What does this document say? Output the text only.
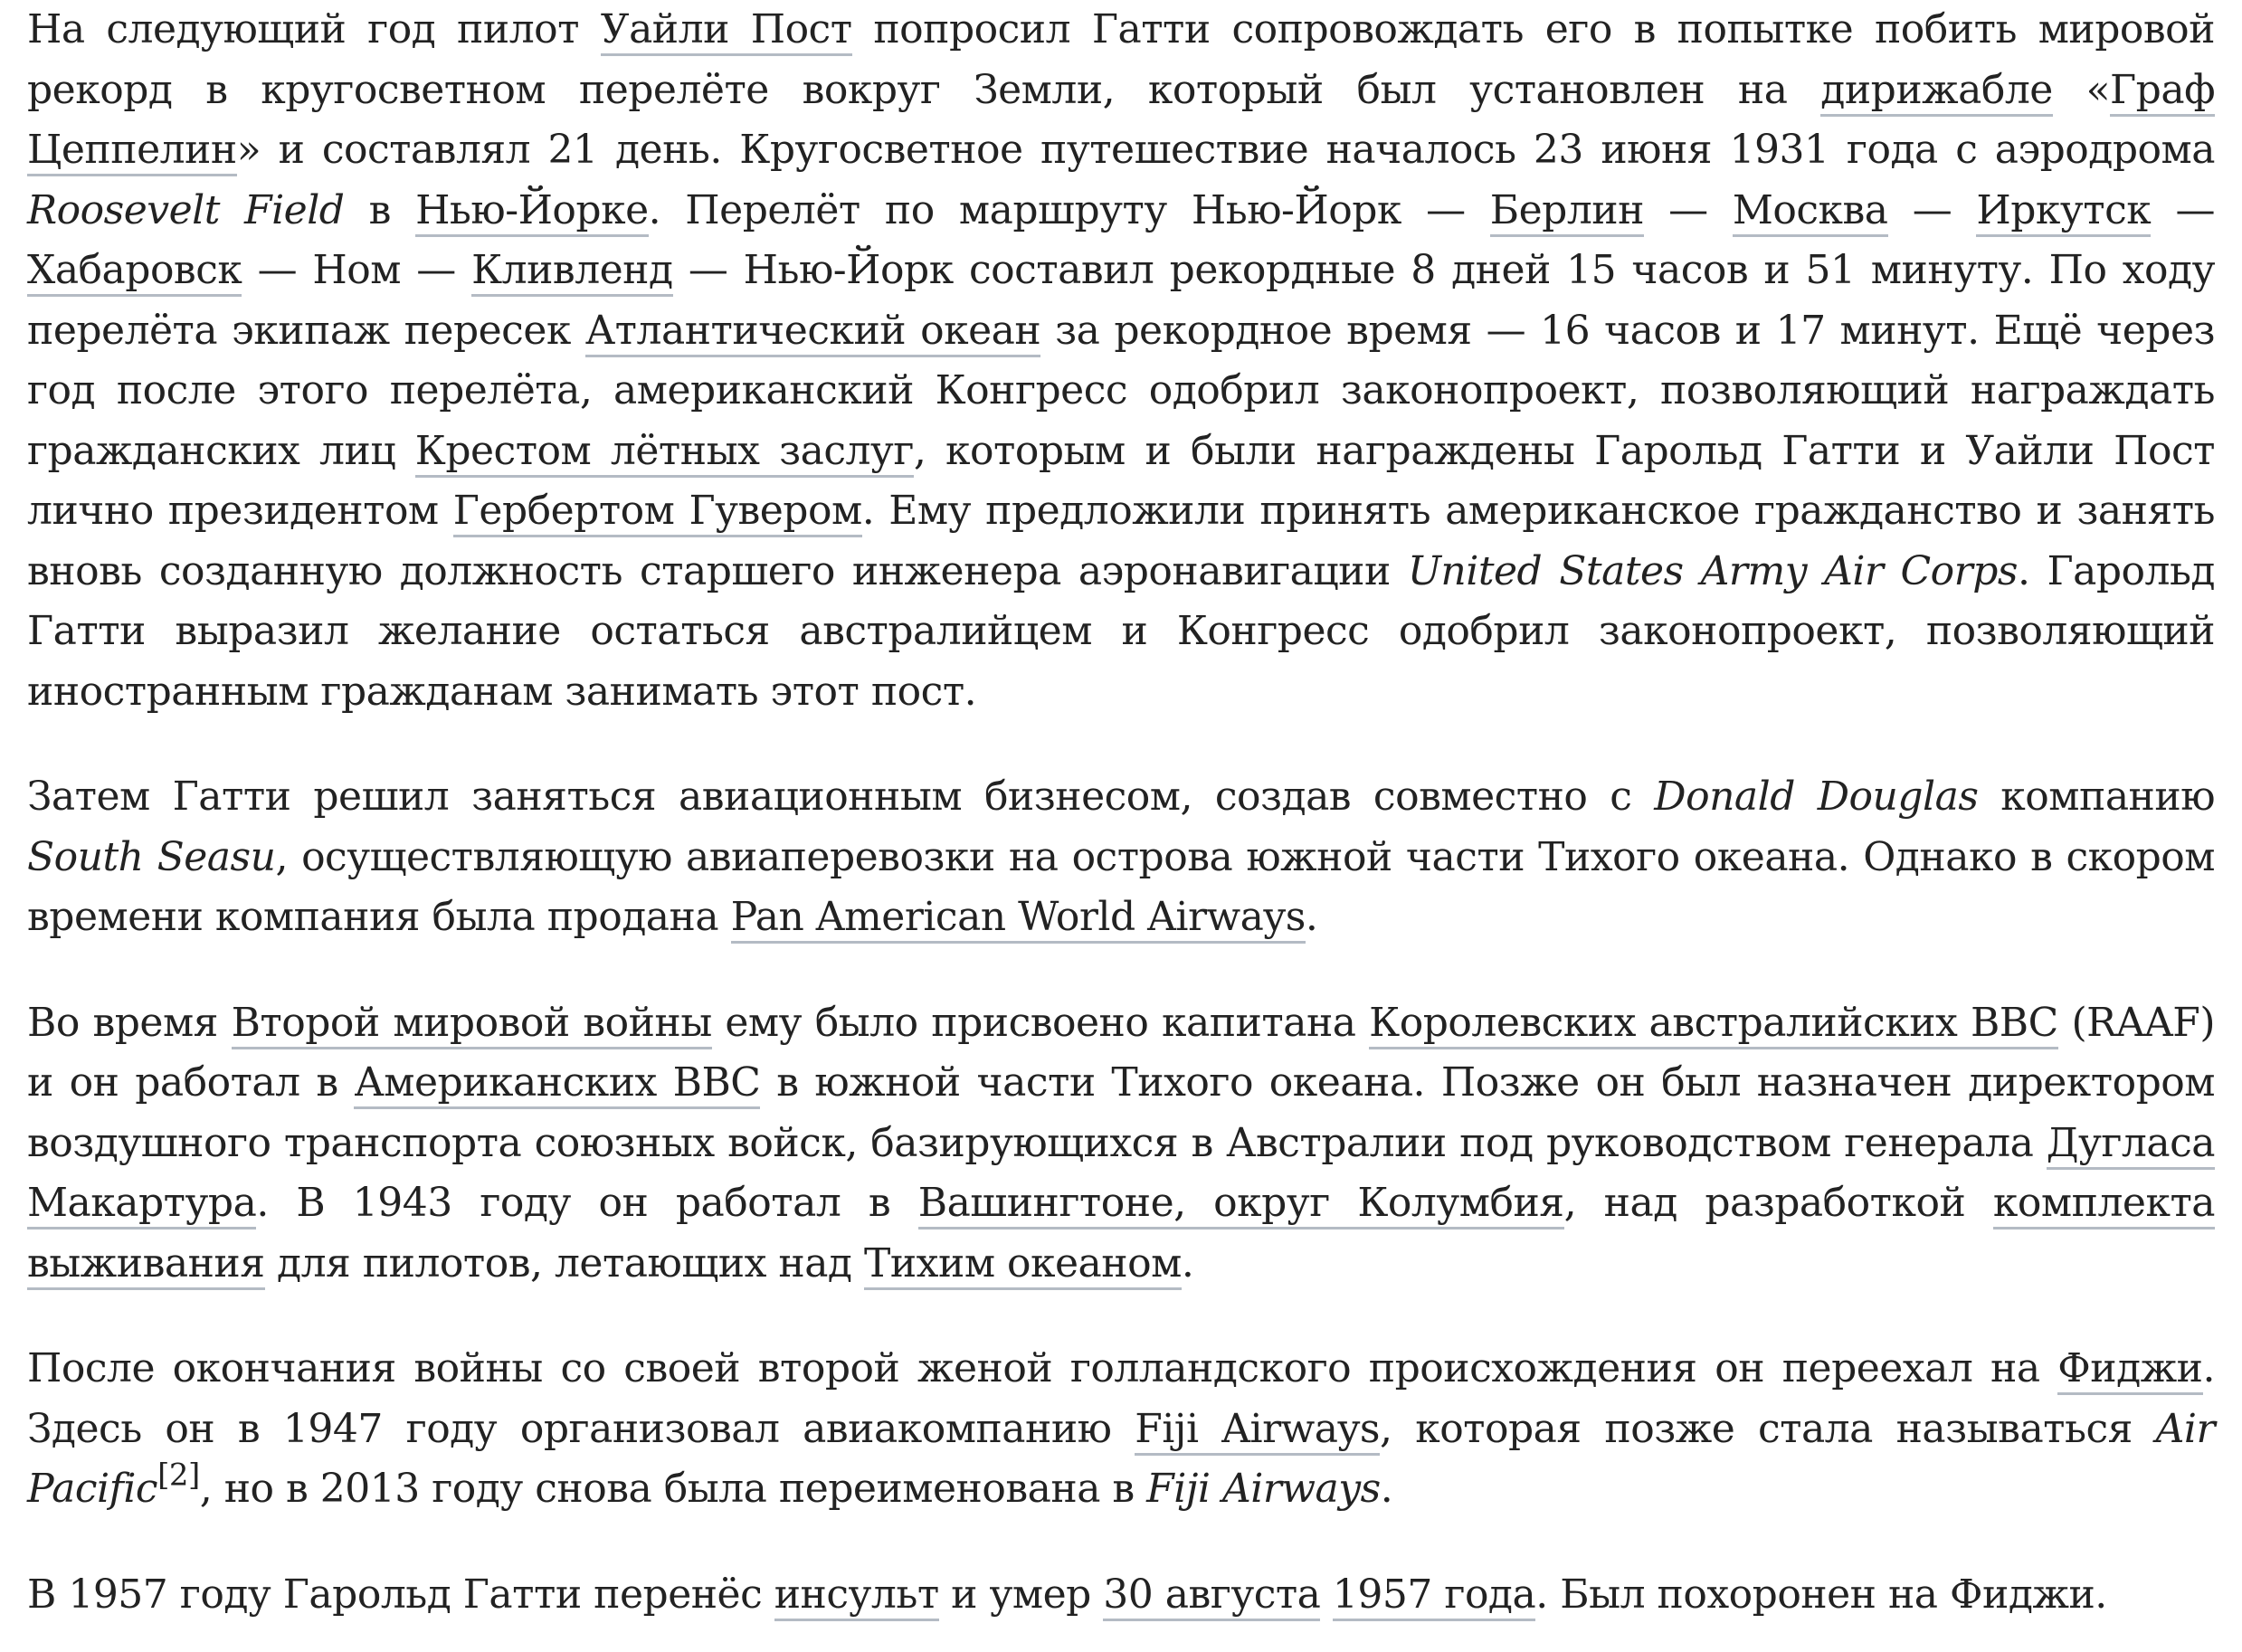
На следующий год пилот Уайли Пост попросил Гатти сопровождать его в попытке побить мировой рекорд в кругосветном перелёте вокруг Земли, который был установлен на дирижабле «Граф Цеппелин» и составлял 21 день. Кругосветное путешествие началось 23 июня 1931 года с аэродрома Roosevelt Field в Нью-Йорке. Перелёт по маршруту Нью-Йорк — Берлин — Москва — Иркутск — Хабаровск — Ном — Кливленд — Нью-Йорк составил рекордные 8 дней 15 часов и 51 минуту. По ходу перелёта экипаж пересек Атлантический океан за рекордное время — 16 часов и 17 минут. Ещё через год после этого перелёта, американский Конгресс одобрил законопроект, позволяющий награждать гражданских лиц Крестом лётных заслуг, которым и были награждены Гарольд Гатти и Уайли Пост лично президентом Гербертом Гувером. Ему предложили принять американское гражданство и занять вновь созданную должность старшего инженера аэронавигации United States Army Air Corps. Гарольд Гатти выразил желание остаться австралийцем и Конгресс одобрил законопроект, позволяющий иностранным гражданам занимать этот пост.

Затем Гатти решил заняться авиационным бизнесом, создав совместно с Donald Douglas компанию South Seasu, осуществляющую авиаперевозки на острова южной части Тихого океана. Однако в скором времени компания была продана Pan American World Airways.

Во время Второй мировой войны ему было присвоено капитана Королевских австралийских ВВС (RAAF) и он работал в Американских ВВС в южной части Тихого океана. Позже он был назначен директором воздушного транспорта союзных войск, базирующихся в Австралии под руководством генерала Дугласа Макартура. В 1943 году он работал в Вашингтоне, округ Колумбия, над разработкой комплекта выживания для пилотов, летающих над Тихим океаном.

После окончания войны со своей второй женой голландского происхождения он переехал на Фиджи. Здесь он в 1947 году организовал авиакомпанию Fiji Airways, которая позже стала называться Air Pacific[2], но в 2013 году снова была переименована в Fiji Airways.

В 1957 году Гарольд Гатти перенёс инсульт и умер 30 августа 1957 года. Был похоронен на Фиджи.
